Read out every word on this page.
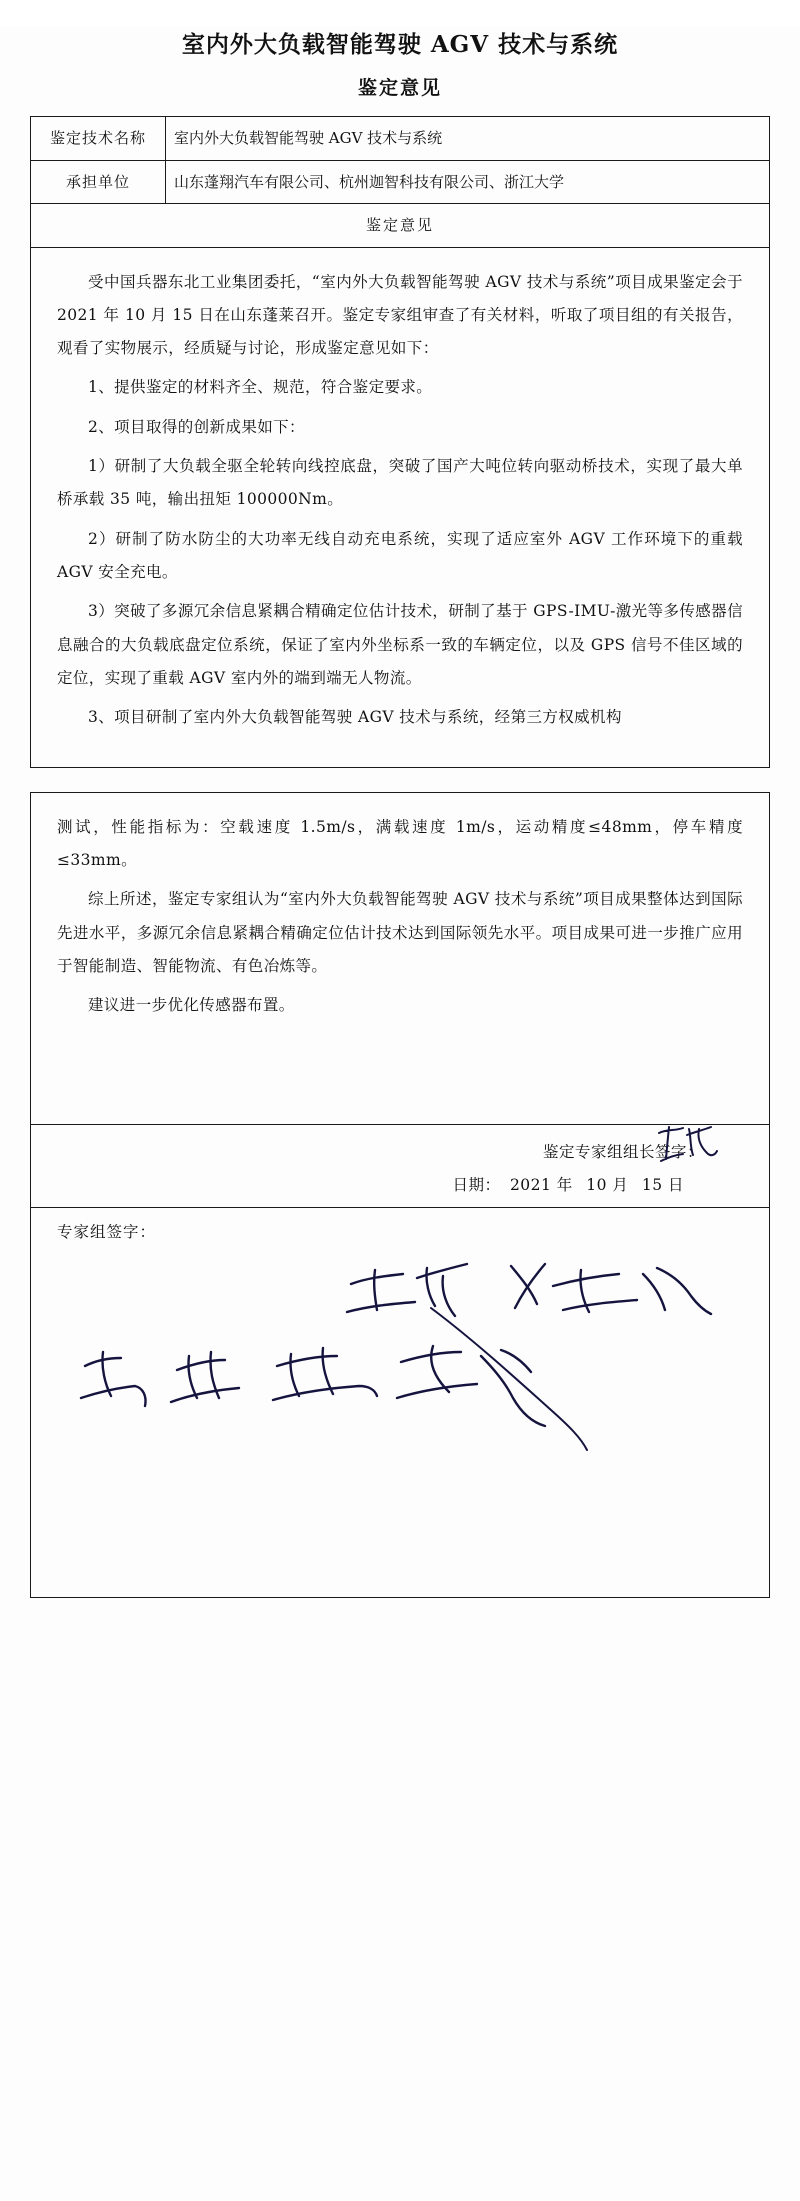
室内外大负载智能驾驶 AGV 技术与系统
鉴定意见
鉴定技术名称	室内外大负载智能驾驶 AGV 技术与系统
承担单位	山东蓬翔汽车有限公司、杭州迦智科技有限公司、浙江大学
鉴定意见	

受中国兵器东北工业集团委托，“室内外大负载智能驾驶 AGV 技术与系统”项目成果鉴定会于 2021 年 10 月 15 日在山东蓬莱召开。鉴定专家组审查了有关材料，听取了项目组的有关报告，观看了实物展示，经质疑与讨论，形成鉴定意见如下：

1、提供鉴定的材料齐全、规范，符合鉴定要求。

2、项目取得的创新成果如下：

1）研制了大负载全驱全轮转向线控底盘，突破了国产大吨位转向驱动桥技术，实现了最大单桥承载 35 吨，输出扭矩 100000Nm。

2）研制了防水防尘的大功率无线自动充电系统，实现了适应室外 AGV 工作环境下的重载 AGV 安全充电。

3）突破了多源冗余信息紧耦合精确定位估计技术，研制了基于 GPS-IMU-激光等多传感器信息融合的大负载底盘定位系统，保证了室内外坐标系一致的车辆定位，以及 GPS 信号不佳区域的定位，实现了重载 AGV 室内外的端到端无人物流。

3、项目研制了室内外大负载智能驾驶 AGV 技术与系统，经第三方权威机构

测试，性能指标为：空载速度 1.5m/s，满载速度 1m/s，运动精度≤48mm，停车精度≤33mm。

综上所述，鉴定专家组认为“室内外大负载智能驾驶 AGV 技术与系统”项目成果整体达到国际先进水平，多源冗余信息紧耦合精确定位估计技术达到国际领先水平。项目成果可进一步推广应用于智能制造、智能物流、有色冶炼等。

建议进一步优化传感器布置。

鉴定专家组组长签字：
日期： 2021 年 10 月 15 日
专家组签字：
